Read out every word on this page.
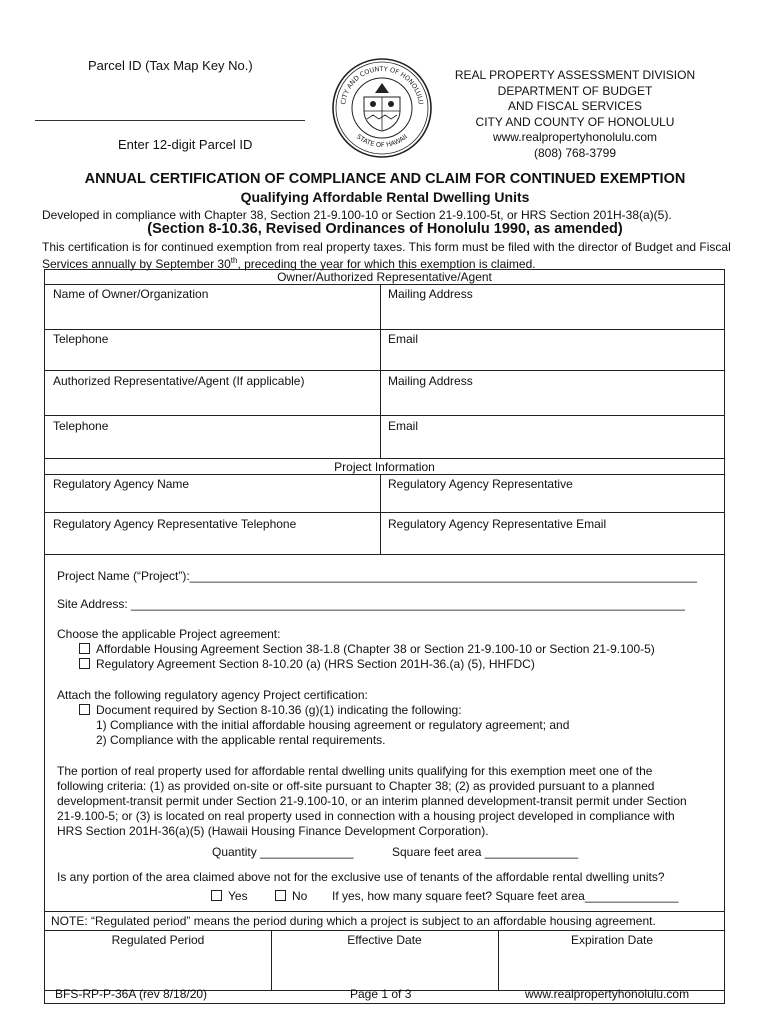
Parcel ID (Tax Map Key No.)
Enter 12-digit Parcel ID
CITY AND COUNTY OF HONOLULU
STATE OF HAWAII
REAL PROPERTY ASSESSMENT DIVISION
DEPARTMENT OF BUDGET
AND FISCAL SERVICES
CITY AND COUNTY OF HONOLULU
www.realpropertyhonolulu.com
(808) 768-3799
ANNUAL CERTIFICATION OF COMPLIANCE AND CLAIM FOR CONTINUED EXEMPTION
Qualifying Affordable Rental Dwelling Units
Developed in compliance with Chapter 38, Section 21-9.100-10 or Section 21-9.100-5t, or HRS Section 201H-38(a)(5).
(Section 8-10.36, Revised Ordinances of Honolulu 1990, as amended)
This certification is for continued exemption from real property taxes. This form must be filed with the director of Budget and Fiscal Services annually by September 30th, preceding the year for which this exemption is claimed.
Owner/Authorized Representative/Agent
Name of Owner/Organization	Mailing Address
Telephone	Email
Authorized Representative/Agent (If applicable)	Mailing Address
Telephone	Email
Project Information
Regulatory Agency Name	Regulatory Agency Representative
Regulatory Agency Representative Telephone	Regulatory Agency Representative Email
Project Name (“Project”):____________________________________________________________________________
Site Address: ___________________________________________________________________________________
Choose the applicable Project agreement:
Affordable Housing Agreement Section 38-1.8 (Chapter 38 or Section 21-9.100-10 or Section 21-9.100-5)
Regulatory Agreement Section 8-10.20 (a) (HRS Section 201H-36.(a) (5), HHFDC)
Attach the following regulatory agency Project certification:
Document required by Section 8-10.36 (g)(1) indicating the following:
1) Compliance with the initial affordable housing agreement or regulatory agreement; and
2) Compliance with the applicable rental requirements.
The portion of real property used for affordable rental dwelling units qualifying for this exemption meet one of the
following criteria: (1) as provided on-site or off-site pursuant to Chapter 38; (2) as provided pursuant to a planned
development-transit permit under Section 21-9.100-10, or an interim planned development-transit permit under Section
21-9.100-5; or (3) is located on real property used in connection with a housing project developed in compliance with
HRS Section 201H-36(a)(5) (Hawaii Housing Finance Development Corporation).
Quantity ______________	Square feet area ______________
Is any portion of the area claimed above not for the exclusive use of tenants of the affordable rental dwelling units?
Yes	No If yes, how many square feet? Square feet area______________
NOTE: “Regulated period” means the period during which a project is subject to an affordable housing agreement.
Regulated Period	Effective Date	Expiration Date
BFS-RP-P-36A (rev 8/18/20)	Page 1 of 3	www.realpropertyhonolulu.com
